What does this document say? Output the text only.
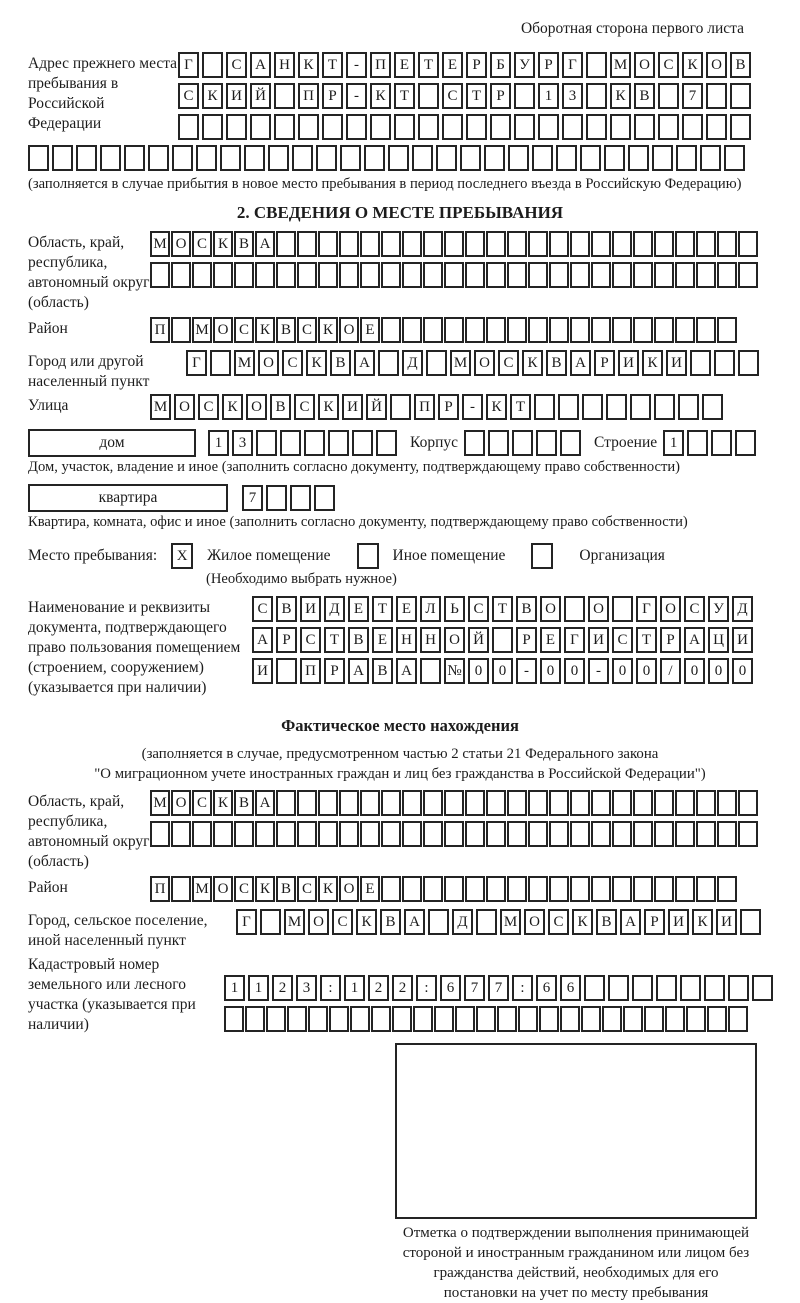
Оборотная сторона первого листа
Адрес прежнего места пребывания в Российской Федерации
Г	С А Н К Т	-	П Е Т Е	Р	Б У Р	Г	М О С К О В
С К И Й	П Р	-	К Т	С Т	Р	1	3	К В	7
(заполняется в случае прибытия в новое место пребывания в период последнего въезда в Российскую Федерацию)
2. СВЕДЕНИЯ О МЕСТЕ ПРЕБЫВАНИЯ
Область, край, республика, автономный округ (область)
М О С К В А
Район	П	М О С К В С К О Е
Город или другой населенный пункт
Г	М О С К В А	Д	М О С К В А Р И К И
Улица	М О С К О В С К И Й	П Р	-	К Т
дом	1	3	Корпус	Строение 1
Дом, участок, владение и иное (заполнить согласно документу, подтверждающему право собственности)
квартира	7
Квартира, комната, офис и иное (заполнить согласно документу, подтверждающему право собственности)
Место пребывания:	X	Жилое помещение	Иное помещение	Организация
(Необходимо выбрать нужное)
Наименование и реквизиты документа, подтверждающего право пользования помещением (строением, сооружением) (указывается при наличии)
С В И Д Е Т Е Л Ь С Т В О	О	Г О С У Д
А Р С Т В Е Н Н О Й	Р	Е	Г И С Т	Р А Ц И
И	П Р А В А	№ 0	0	-	0	0	-	0	0	/	0	0	0
Фактическое место нахождения
(заполняется в случае, предусмотренном частью 2 статьи 21 Федерального закона
"О миграционном учете иностранных граждан и лиц без гражданства в Российской Федерации")
Область, край, республика, автономный округ (область)
М О С К В А
Район	П	М О С К В С К О Е
Город, сельское поселение, иной населенный пункт
Г	М О С К В А	Д	М О С К В А Р И К И
Кадастровый номер земельного или лесного участка (указывается при наличии)
1	1	2	3	:	1	2	2	:	6	7	7	:	6	6
Отметка о подтверждении выполнения принимающей стороной и иностранным гражданином или лицом без гражданства действий, необходимых для его постановки на учет по месту пребывания
